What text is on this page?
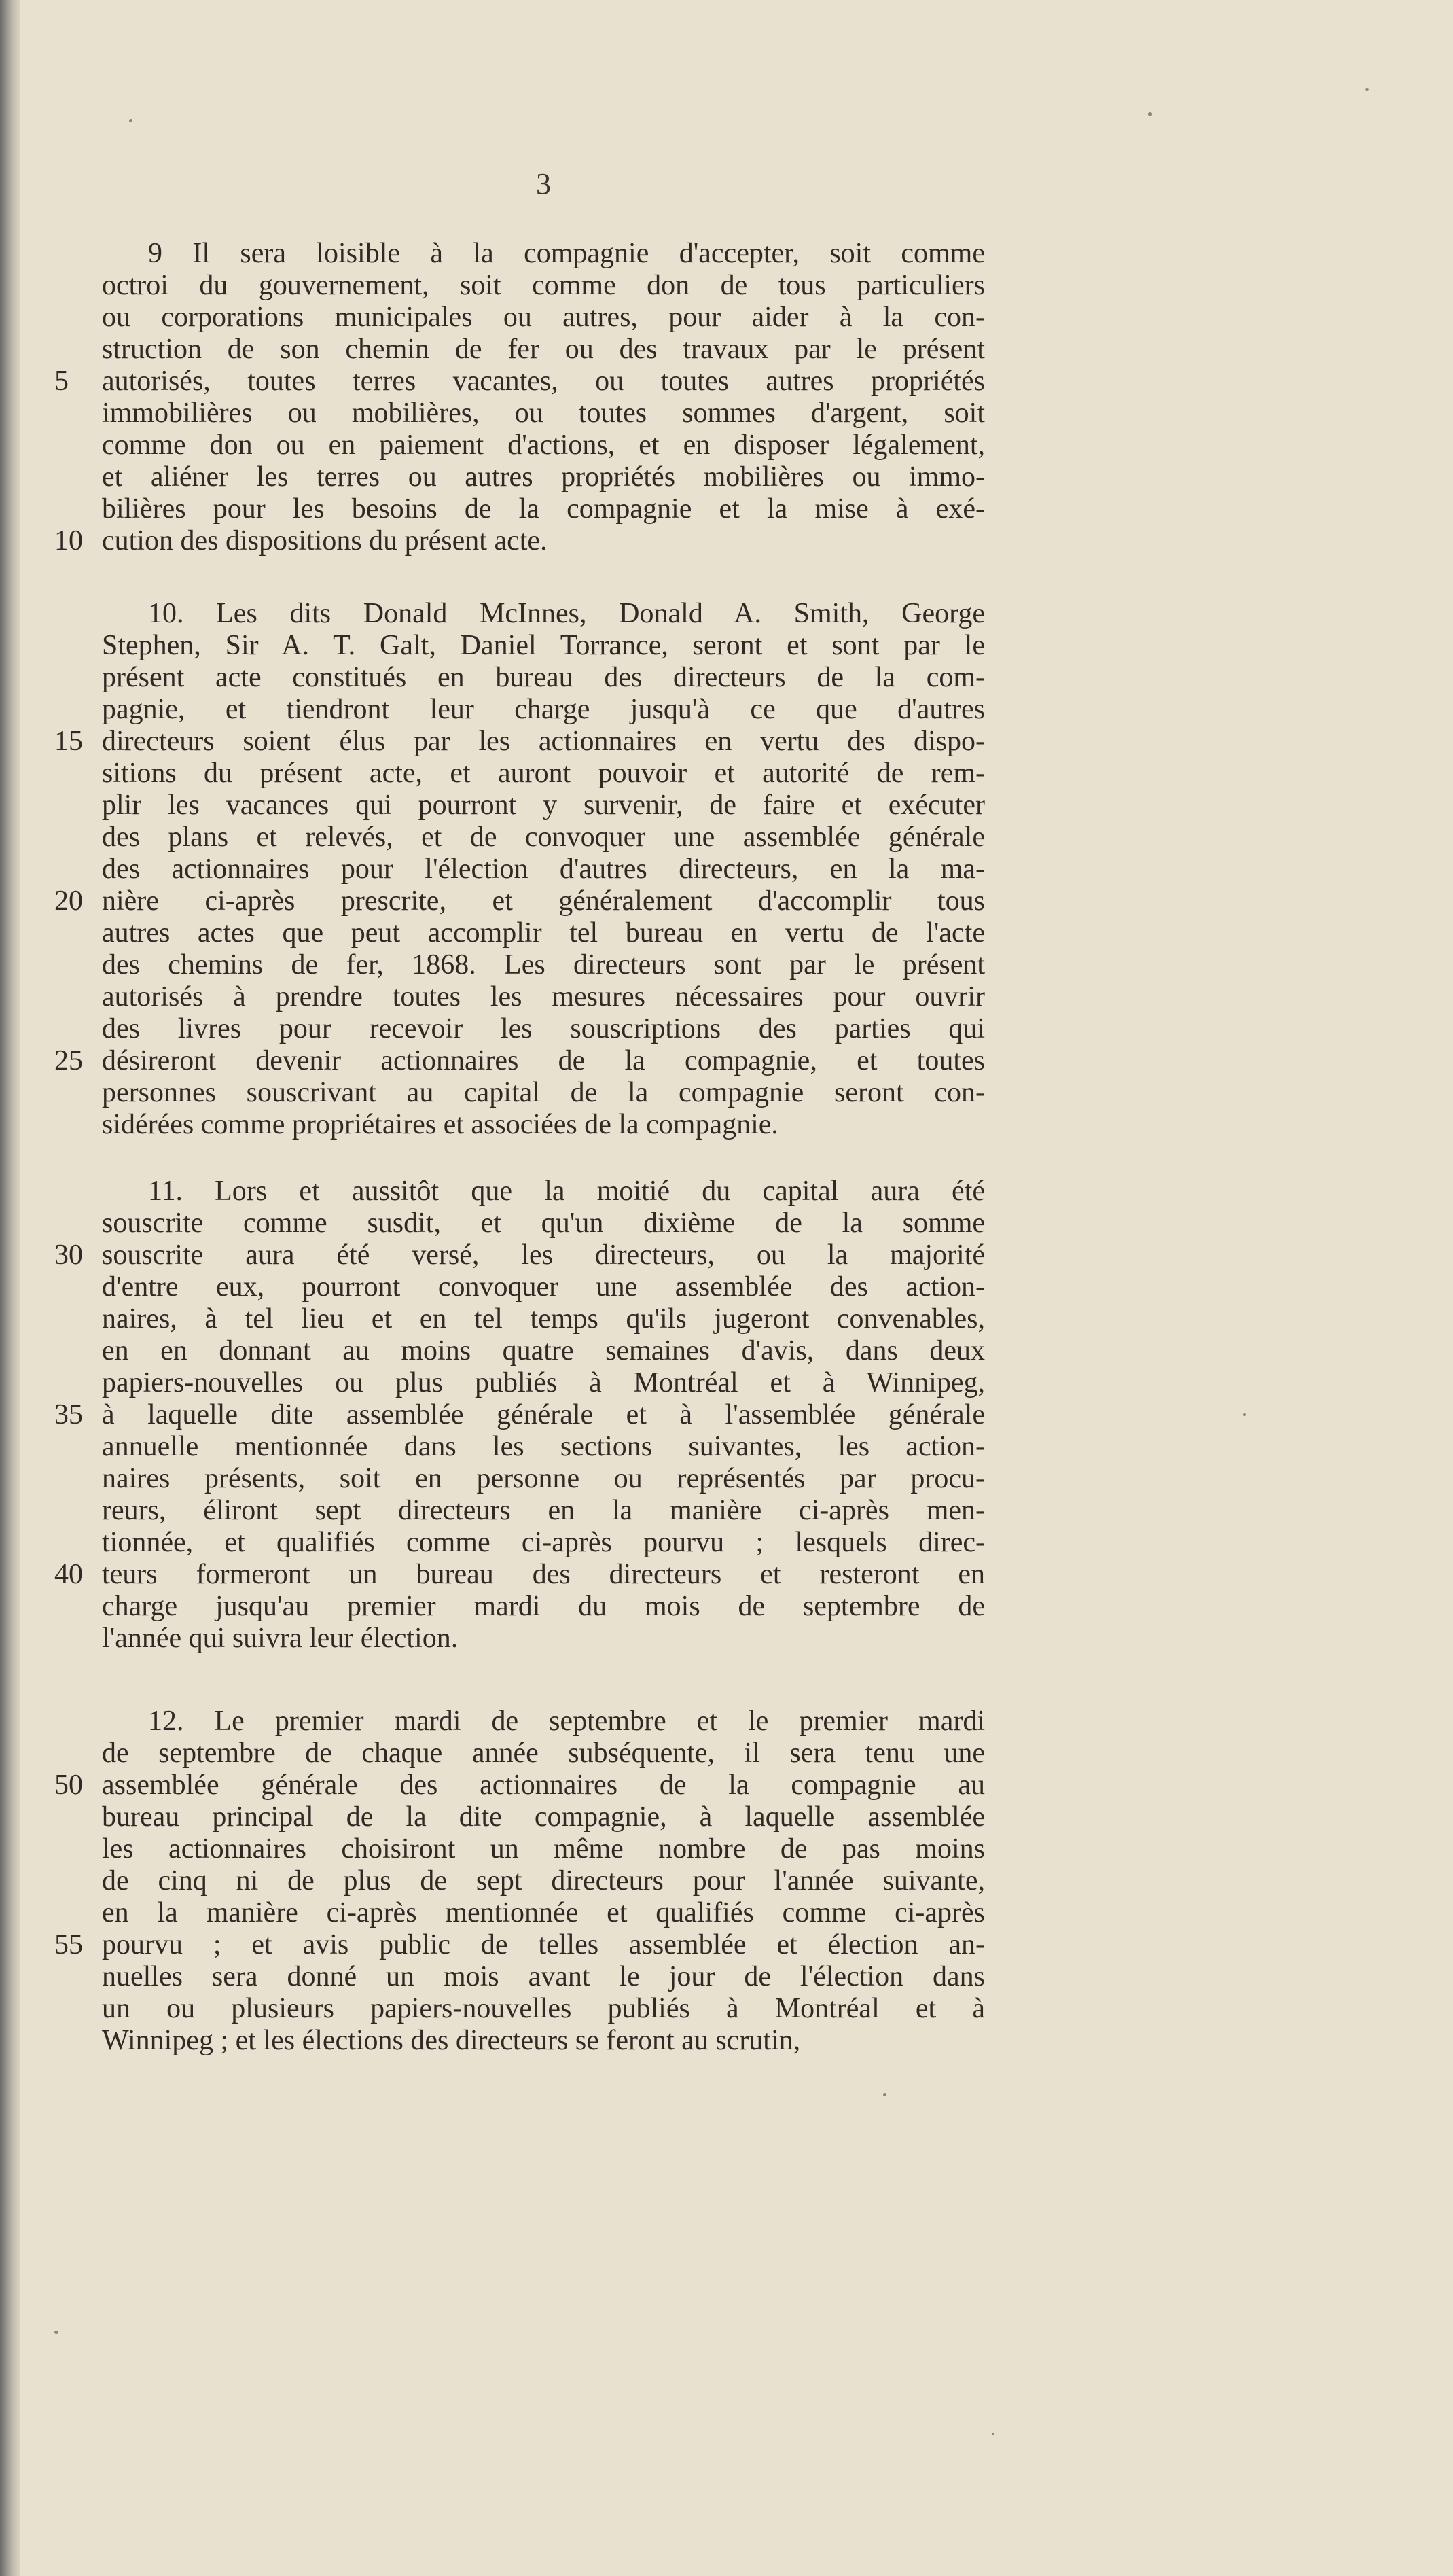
3
9 Il sera loisible à la compagnie d'accepter, soit comme
octroi du gouvernement, soit comme don de tous particuliers
ou corporations municipales ou autres, pour aider à la con-
struction de son chemin de fer ou des travaux par le présent
5	autorisés, toutes terres vacantes, ou toutes autres propriétés
immobilières ou mobilières, ou toutes sommes d'argent, soit
comme don ou en paiement d'actions, et en disposer légalement,
et aliéner les terres ou autres propriétés mobilières ou immo-
bilières pour les besoins de la compagnie et la mise à exé-
10 cution des dispositions du présent acte.
10. Les dits Donald McInnes, Donald A. Smith, George
Stephen, Sir A. T. Galt, Daniel Torrance, seront et sont par le
présent acte constitués en bureau des directeurs de la com-
pagnie, et tiendront leur charge jusqu'à ce que d'autres
15 directeurs soient élus par les actionnaires en vertu des dispo-
sitions du présent acte, et auront pouvoir et autorité de rem-
plir les vacances qui pourront y survenir, de faire et exécuter
des plans et relevés, et de convoquer une assemblée générale
des actionnaires pour l'élection d'autres directeurs, en la ma-
20 nière ci-après prescrite, et généralement d'accomplir tous
autres actes que peut accomplir tel bureau en vertu de l'acte
des chemins de fer, 1868. Les directeurs sont par le présent
autorisés à prendre toutes les mesures nécessaires pour ouvrir
des livres pour recevoir les souscriptions des parties qui
25 désireront devenir actionnaires de la compagnie, et toutes
personnes souscrivant au capital de la compagnie seront con-
sidérées comme propriétaires et associées de la compagnie.
11. Lors et aussitôt que la moitié du capital aura été
souscrite comme susdit, et qu'un dixième de la somme
30 souscrite aura été versé, les directeurs, ou la majorité
d'entre eux, pourront convoquer une assemblée des action-
naires, à tel lieu et en tel temps qu'ils jugeront convenables,
en en donnant au moins quatre semaines d'avis, dans deux
papiers-nouvelles ou plus publiés à Montréal et à Winnipeg,
35 à laquelle dite assemblée générale et à l'assemblée générale
annuelle mentionnée dans les sections suivantes, les action-
naires présents, soit en personne ou représentés par procu-
reurs, éliront sept directeurs en la manière ci-après men-
tionnée, et qualifiés comme ci-après pourvu ; lesquels direc-
40 teurs formeront un bureau des directeurs et resteront en
charge jusqu'au premier mardi du mois de septembre de
l'année qui suivra leur élection.
12. Le premier mardi de septembre et le premier mardi
de septembre de chaque année subséquente, il sera tenu une
50 assemblée générale des actionnaires de la compagnie au
bureau principal de la dite compagnie, à laquelle assemblée
les actionnaires choisiront un même nombre de pas moins
de cinq ni de plus de sept directeurs pour l'année suivante,
en la manière ci-après mentionnée et qualifiés comme ci-après
55 pourvu ; et avis public de telles assemblée et élection an-
nuelles sera donné un mois avant le jour de l'élection dans
un ou plusieurs papiers-nouvelles publiés à Montréal et à
Winnipeg ; et les élections des directeurs se feront au scrutin,
